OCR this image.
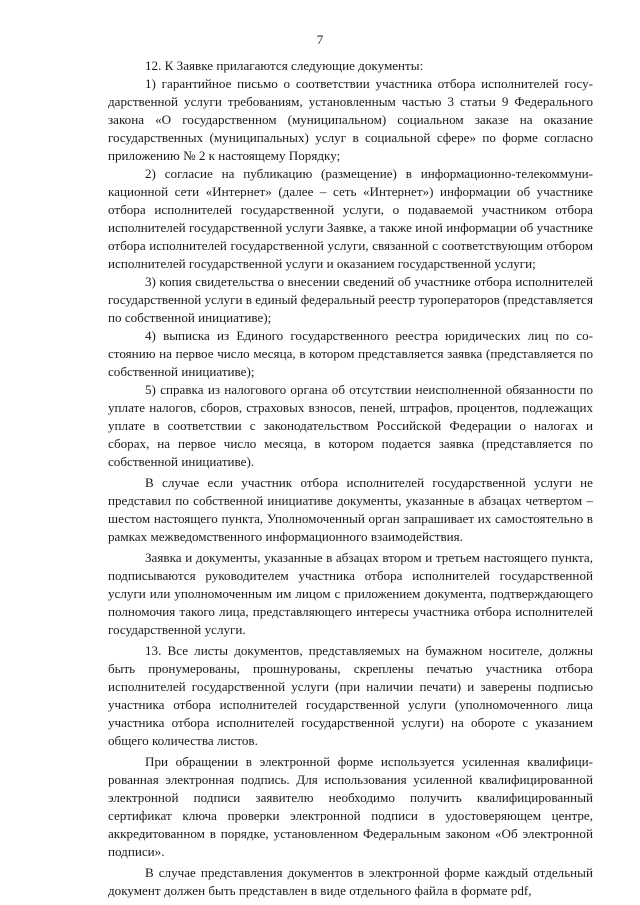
7

12. К Заявке прилагаются следующие документы:

1) гарантийное письмо о соответствии участника отбора исполнителей государственной услуги требованиям, установленным частью 3 статьи 9 Федерального закона «О государственном (муниципальном) социальном заказе на оказание государственных (муниципальных) услуг в социальной сфере» по форме согласно приложению № 2 к настоящему Порядку;

2) согласие на публикацию (размещение) в информационно-телекоммуникационной сети «Интернет» (далее – сеть «Интернет») информации об участнике отбора исполнителей государственной услуги, о подаваемой участником отбора исполнителей государственной услуги Заявке, а также иной информации об участнике отбора исполнителей государственной услуги, связанной с соответствующим отбором исполнителей государственной услуги и оказанием государственной услуги;

3) копия свидетельства о внесении сведений об участнике отбора исполнителей государственной услуги в единый федеральный реестр туроператоров (представляется по собственной инициативе);

4) выписка из Единого государственного реестра юридических лиц по состоянию на первое число месяца, в котором представляется заявка (представляется по собственной инициативе);

5) справка из налогового органа об отсутствии неисполненной обязанности по уплате налогов, сборов, страховых взносов, пеней, штрафов, процентов, подлежащих уплате в соответствии с законодательством Российской Федерации о налогах и сборах, на первое число месяца, в котором подается заявка (представляется по собственной инициативе).

В случае если участник отбора исполнителей государственной услуги не представил по собственной инициативе документы, указанные в абзацах четвертом – шестом настоящего пункта, Уполномоченный орган запрашивает их самостоятельно в рамках межведомственного информационного взаимодействия.

Заявка и документы, указанные в абзацах втором и третьем настоящего пункта, подписываются руководителем участника отбора исполнителей государственной услуги или уполномоченным им лицом с приложением документа, подтверждающего полномочия такого лица, представляющего интересы участника отбора исполнителей государственной услуги.

13. Все листы документов, представляемых на бумажном носителе, должны быть пронумерованы, прошнурованы, скреплены печатью участника отбора исполнителей государственной услуги (при наличии печати) и заверены подписью участника отбора исполнителей государственной услуги (уполномоченного лица участника отбора исполнителей государственной услуги) на обороте с указанием общего количества листов.

При обращении в электронной форме используется усиленная квалифицированная электронная подпись. Для использования усиленной квалифицированной электронной подписи заявителю необходимо получить квалифицированный сертификат ключа проверки электронной подписи в удостоверяющем центре, аккредитованном в порядке, установленном Федеральным законом «Об электронной подписи».

В случае представления документов в электронной форме каждый отдельный документ должен быть представлен в виде отдельного файла в формате pdf,
